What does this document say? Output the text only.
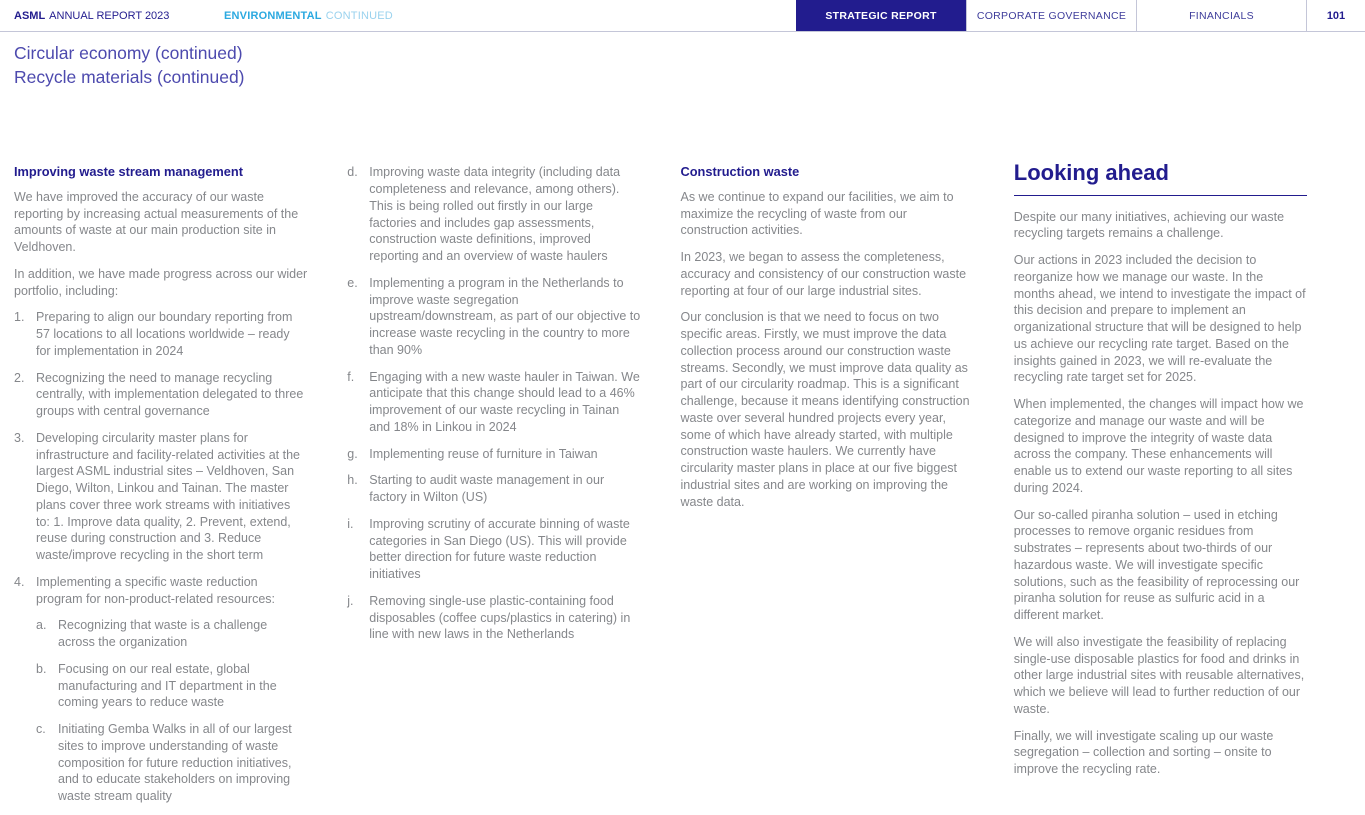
ASML ANNUAL REPORT 2023	ENVIRONMENTAL CONTINUED	STRATEGIC REPORT	CORPORATE GOVERNANCE	FINANCIALS	101
Circular economy (continued)
Recycle materials (continued)
Improving waste stream management

We have improved the accuracy of our waste reporting by increasing actual measurements of the amounts of waste at our main production site in Veldhoven.

In addition, we have made progress across our wider portfolio, including:

1. Preparing to align our boundary reporting from 57 locations to all locations worldwide – ready for implementation in 2024
2. Recognizing the need to manage recycling centrally, with implementation delegated to three groups with central governance
3. Developing circularity master plans for infrastructure and facility-related activities at the largest ASML industrial sites – Veldhoven, San Diego, Wilton, Linkou and Tainan. The master plans cover three work streams with initiatives to: 1. Improve data quality, 2. Prevent, extend, reuse during construction and 3. Reduce waste/improve recycling in the short term
4. Implementing a specific waste reduction program for non-product-related resources:
a. Recognizing that waste is a challenge across the organization
b. Focusing on our real estate, global manufacturing and IT department in the coming years to reduce waste
c. Initiating Gemba Walks in all of our largest sites to improve understanding of waste composition for future reduction initiatives, and to educate stakeholders on improving waste stream quality
d. Improving waste data integrity (including data completeness and relevance, among others). This is being rolled out firstly in our large factories and includes gap assessments, construction waste definitions, improved reporting and an overview of waste haulers
e. Implementing a program in the Netherlands to improve waste segregation upstream/downstream, as part of our objective to increase waste recycling in the country to more than 90%
f.	Engaging with a new waste hauler in Taiwan. We anticipate that this change should lead to a 46% improvement of our waste recycling in Tainan and 18% in Linkou in 2024
g. Implementing reuse of furniture in Taiwan
h. Starting to audit waste management in our factory in Wilton (US)
i.	Improving scrutiny of accurate binning of waste categories in San Diego (US). This will provide better direction for future waste reduction initiatives
j.	Removing single-use plastic-containing food disposables (coffee cups/plastics in catering) in line with new laws in the Netherlands
Construction waste

As we continue to expand our facilities, we aim to maximize the recycling of waste from our construction activities.

In 2023, we began to assess the completeness, accuracy and consistency of our construction waste reporting at four of our large industrial sites.

Our conclusion is that we need to focus on two specific areas. Firstly, we must improve the data collection process around our construction waste streams. Secondly, we must improve data quality as part of our circularity roadmap. This is a significant challenge, because it means identifying construction waste over several hundred projects every year, some of which have already started, with multiple construction waste haulers. We currently have circularity master plans in place at our five biggest industrial sites and are working on improving the waste data.

Looking ahead

Despite our many initiatives, achieving our waste recycling targets remains a challenge.

Our actions in 2023 included the decision to reorganize how we manage our waste. In the months ahead, we intend to investigate the impact of this decision and prepare to implement an organizational structure that will be designed to help us achieve our recycling rate target. Based on the insights gained in 2023, we will re-evaluate the recycling rate target set for 2025.

When implemented, the changes will impact how we categorize and manage our waste and will be designed to improve the integrity of waste data across the company. These enhancements will enable us to extend our waste reporting to all sites during 2024.

Our so-called piranha solution – used in etching processes to remove organic residues from substrates – represents about two-thirds of our hazardous waste. We will investigate specific solutions, such as the feasibility of reprocessing our piranha solution for reuse as sulfuric acid in a different market.

We will also investigate the feasibility of replacing single-use disposable plastics for food and drinks in other large industrial sites with reusable alternatives, which we believe will lead to further reduction of our waste.

Finally, we will investigate scaling up our waste segregation – collection and sorting – onsite to improve the recycling rate.
